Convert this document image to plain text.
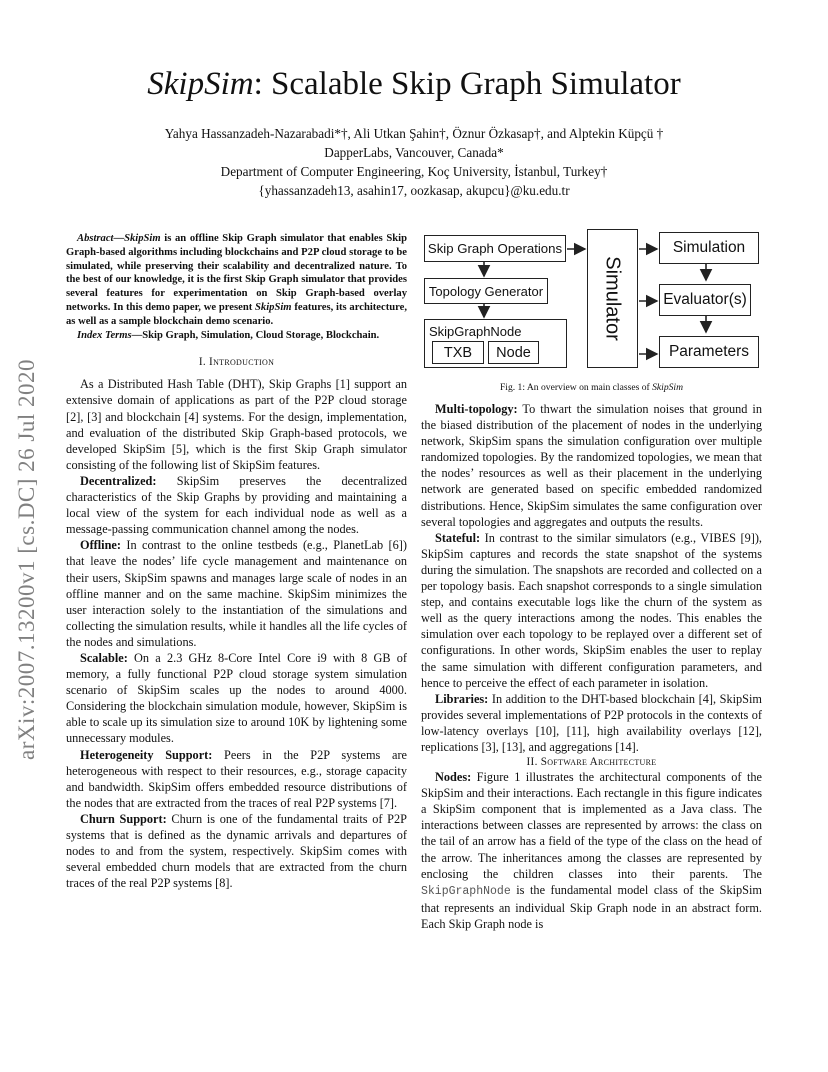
arXiv:2007.13200v1 [cs.DC] 26 Jul 2020
SkipSim: Scalable Skip Graph Simulator
Yahya Hassanzadeh-Nazarabadi*†, Ali Utkan Şahin†, Öznur Özkasap†, and Alptekin Küpçü †
DapperLabs, Vancouver, Canada*
Department of Computer Engineering, Koç University, İstanbul, Turkey†
{yhassanzadeh13, asahin17, oozkasap, akupcu}@ku.edu.tr

Abstract—SkipSim is an offline Skip Graph simulator that enables Skip Graph-based algorithms including blockchains and P2P cloud storage to be simulated, while preserving their scalability and decentralized nature. To the best of our knowledge, it is the first Skip Graph simulator that provides several features for experimentation on Skip Graph-based overlay networks. In this demo paper, we present SkipSim features, its architecture, as well as a sample blockchain demo scenario.

Index Terms—Skip Graph, Simulation, Cloud Storage, Blockchain.

I. Introduction

As a Distributed Hash Table (DHT), Skip Graphs [1] support an extensive domain of applications as part of the P2P cloud storage [2], [3] and blockchain [4] systems. For the design, implementation, and evaluation of the distributed Skip Graph-based protocols, we developed SkipSim [5], which is the first Skip Graph simulator consisting of the following list of SkipSim features.

Decentralized: SkipSim preserves the decentralized characteristics of the Skip Graphs by providing and maintaining a local view of the system for each individual node as well as a message-passing communication channel among the nodes.

Offline: In contrast to the online testbeds (e.g., PlanetLab [6]) that leave the nodes’ life cycle management and maintenance on their users, SkipSim spawns and manages large scale of nodes in an offline manner and on the same machine. SkipSim minimizes the user interaction solely to the instantiation of the simulations and collecting the simulation results, while it handles all the life cycles of the nodes and simulations.

Scalable: On a 2.3 GHz 8-Core Intel Core i9 with 8 GB of memory, a fully functional P2P cloud storage system simulation scenario of SkipSim scales up the nodes to around 4000. Considering the blockchain simulation module, however, SkipSim is able to scale up its simulation size to around 10K by lightening some unnecessary modules.

Heterogeneity Support: Peers in the P2P systems are heterogeneous with respect to their resources, e.g., storage capacity and bandwidth. SkipSim offers embedded resource distributions of the nodes that are extracted from the traces of real P2P systems [7].

Churn Support: Churn is one of the fundamental traits of P2P systems that is defined as the dynamic arrivals and departures of nodes to and from the system, respectively. SkipSim comes with several embedded churn models that are extracted from the churn traces of the real P2P systems [8].

Skip Graph Operations
Topology Generator
SkipGraphNode
TXB	Node
Simulator
Simulation
Evaluator(s)
Parameters
Fig. 1: An overview on main classes of SkipSim

Multi-topology: To thwart the simulation noises that ground in the biased distribution of the placement of nodes in the underlying network, SkipSim spans the simulation configuration over multiple randomized topologies. By the randomized topologies, we mean that the nodes’ resources as well as their placement in the underlying network are generated based on specific embedded randomized distributions. Hence, SkipSim simulates the same configuration over several topologies and aggregates and outputs the results.

Stateful: In contrast to the similar simulators (e.g., VIBES [9]), SkipSim captures and records the state snapshot of the systems during the simulation. The snapshots are recorded and collected on a per topology basis. Each snapshot corresponds to a single simulation step, and contains executable logs like the churn of the system as well as the query interactions among the nodes. This enables the simulation over each topology to be replayed over a different set of configurations. In other words, SkipSim enables the user to replay the same simulation with different configuration parameters, and hence to perceive the effect of each parameter in isolation.

Libraries: In addition to the DHT-based blockchain [4], SkipSim provides several implementations of P2P protocols in the contexts of low-latency overlays [10], [11], high availability overlays [12], replications [3], [13], and aggregations [14].

II. Software Architecture

Nodes: Figure 1 illustrates the architectural components of the SkipSim and their interactions. Each rectangle in this figure indicates a SkipSim component that is implemented as a Java class. The interactions between classes are represented by arrows: the class on the tail of an arrow has a field of the type of the class on the head of the arrow. The inheritances among the classes are represented by enclosing the children classes into their parents. The SkipGraphNode is the fundamental model class of the SkipSim that represents an individual Skip Graph node in an abstract form. Each Skip Graph node is
